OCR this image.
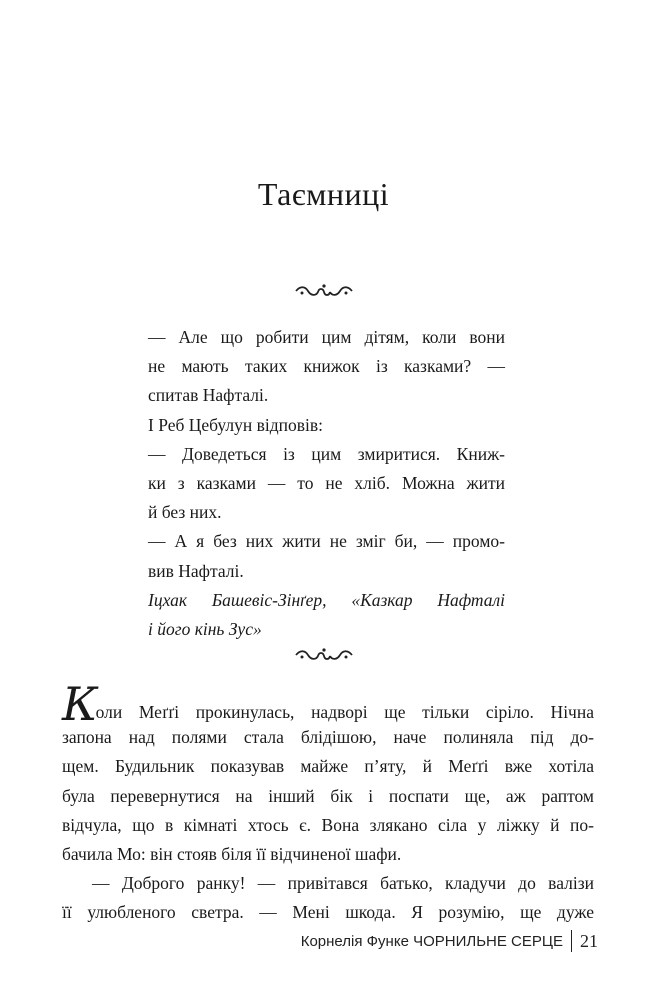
Таємниці
— Але що робити цим дітям, коли вони
не мають таких книжок із казками? —
спитав Нафталі.
І Реб Цебулун відповів:
— Доведеться із цим змиритися. Книж-
ки з казками — то не хліб. Можна жити
й без них.
— А я без них жити не зміг би, — промо-
вив Нафталі.
Іцхак Башевіс-Зінґер, «Казкар Нафталі
і його кінь Зус»
Коли Меґґі прокинулась, надворі ще тільки сіріло. Нічна
запона над полями стала блідішою, наче полиняла під до-
щем. Будильник показував майже п’яту, й Меґґі вже хотіла
була перевернутися на інший бік і поспати ще, аж раптом
відчула, що в кімнаті хтось є. Вона злякано сіла у ліжку й по-
бачила Мо: він стояв біля її відчиненої шафи.
— Доброго ранку! — привітався батько, кладучи до валізи
її улюбленого светра. — Мені шкода. Я розумію, ще дуже
Корнелія Функе
ЧОРНИЛЬНЕ СЕРЦЕ 21
